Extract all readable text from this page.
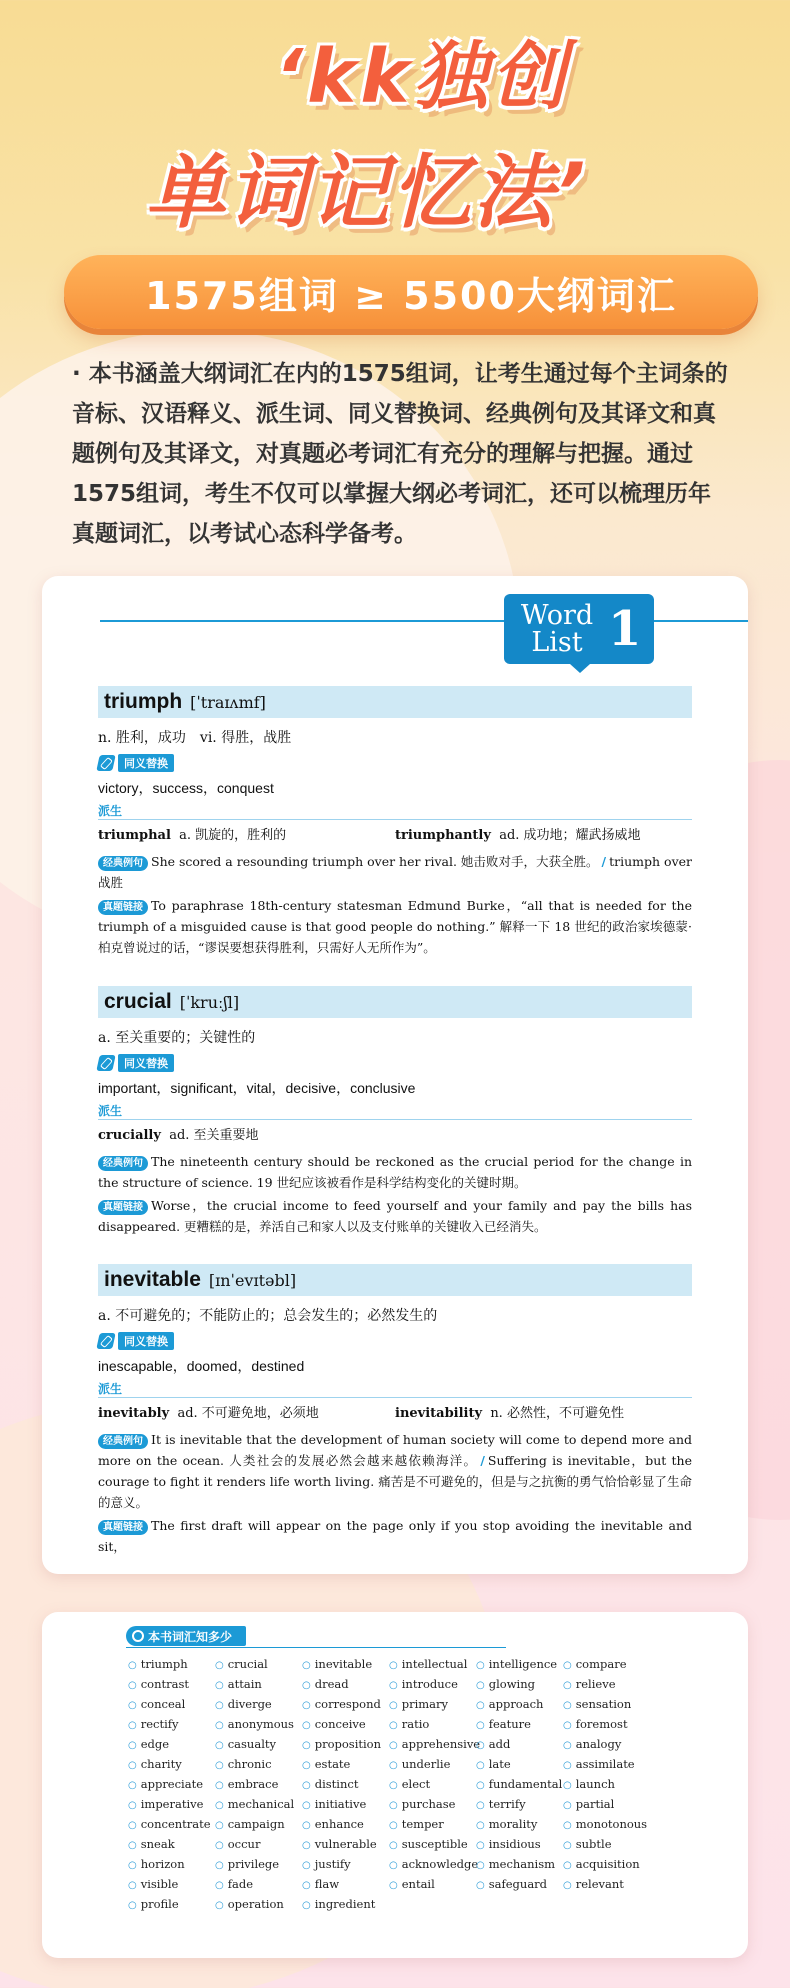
‘kk独创
单词记忆法’
1575组词 ≥ 5500大纲词汇
· 本书涵盖大纲词汇在内的1575组词，让考生通过每个主词条的音标、汉语释义、派生词、同义替换词、经典例句及其译文和真题例句及其译文，对真题必考词汇有充分的理解与把握。通过1575组词，考生不仅可以掌握大纲必考词汇，还可以梳理历年真题词汇，以考试心态科学备考。
Word List 1
triumph [ˈtraɪʌmf]
n. 胜利，成功　vi. 得胜，战胜
同义替换
victory，success，conquest
派生
triumphal a. 凯旋的，胜利的	triumphantly ad. 成功地；耀武扬威地
经典例句 She scored a resounding triumph over her rival. 她击败对手，大获全胜。 / triumph over 战胜
真题链接 To paraphrase 18th-century statesman Edmund Burke，“all that is needed for the triumph of a misguided cause is that good people do nothing.” 解释一下 18 世纪的政治家埃德蒙·柏克曾说过的话，“谬误要想获得胜利，只需好人无所作为”。
crucial [ˈkruːʃl]
a. 至关重要的；关键性的
同义替换
important，significant，vital，decisive，conclusive
派生
crucially ad. 至关重要地
经典例句 The nineteenth century should be reckoned as the crucial period for the change in the structure of science. 19 世纪应该被看作是科学结构变化的关键时期。
真题链接 Worse，the crucial income to feed yourself and your family and pay the bills has disappeared. 更糟糕的是，养活自己和家人以及支付账单的关键收入已经消失。
inevitable [ɪnˈevɪtəbl]
a. 不可避免的；不能防止的；总会发生的；必然发生的
同义替换
inescapable，doomed，destined
派生
inevitably ad. 不可避免地，必须地	inevitability n. 必然性，不可避免性
经典例句 It is inevitable that the development of human society will come to depend more and more on the ocean. 人类社会的发展必然会越来越依赖海洋。 / Suffering is inevitable，but the courage to fight it renders life worth living. 痛苦是不可避免的，但是与之抗衡的勇气恰恰彰显了生命的意义。
真题链接 The first draft will appear on the page only if you stop avoiding the inevitable and sit，
本书词汇知多少
○ triumph
○ contrast
○ conceal
○ rectify
○ edge
○ charity
○ appreciate
○ imperative
○ concentrate
○ sneak
○ horizon
○ visible
○ profile
○ crucial
○ attain
○ diverge
○ anonymous
○ casualty
○ chronic
○ embrace
○ mechanical
○ campaign
○ occur
○ privilege
○ fade
○ operation
○ inevitable
○ dread
○ correspond
○ conceive
○ proposition
○ estate
○ distinct
○ initiative
○ enhance
○ vulnerable
○ justify
○ flaw
○ ingredient
○ intellectual
○ introduce
○ primary
○ ratio
○ apprehensive
○ underlie
○ elect
○ purchase
○ temper
○ susceptible
○ acknowledge
○ entail
○ intelligence
○ glowing
○ approach
○ feature
○ add
○ late
○ fundamental
○ terrify
○ morality
○ insidious
○ mechanism
○ safeguard
○ compare
○ relieve
○ sensation
○ foremost
○ analogy
○ assimilate
○ launch
○ partial
○ monotonous
○ subtle
○ acquisition
○ relevant
